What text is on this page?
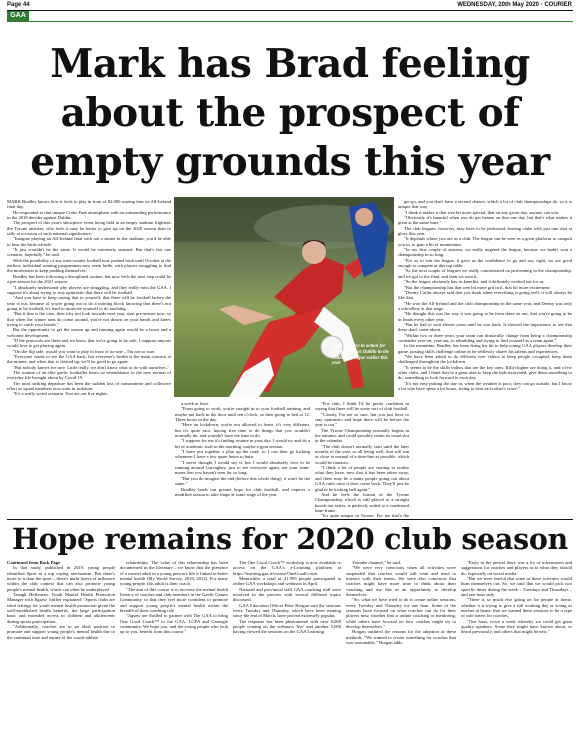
Page 44	WEDNESDAY, 20th May 2020 - COURIER
GAA
Mark has Brad feeling about the prospect of empty grounds this year

MARK Bradley knows how it feels to play in front of 82,000 roaring fans on All-Ireland final day.

He responded to that unique Croke Park atmosphere with an outstanding performance in the 2018 decider against Dublin.

The prospect of this year's showpiece event being held in an empty stadium frightens the Tyrone attacker, who feels it may be better to give up on the 2020 season than to rally at occasion of such national significance.

"Imagine playing an All-Ireland final with not a sinner in the stadium, you'd be able to hear the birds whistle.

"It just wouldn't be the same. It would be extremely unusual. But that's fair one scenario, hopefully," he said.

With the possibility of any inter-county football now pushed back until October at the earliest, individual training programmes now seem futile, with players struggling to find the motivation to keep pushing themselves.

Bradley has been following a disciplined routine, but now feels the next step could be a pre-season for the 2021 season.

"I absolutely understand why players are struggling, and they really miss the GAA. I suppose it's about trying to stay optimistic that there will be football.

"And you have to keep saying that to yourself, that there will be football before the year is out, because of you're going out to do a training block knowing that there's not going to be football, it's hard to motivate yourself to do anything.

"But if that is the case, then why not look towards next year, start pre-season now, so that when the winter runs do come around, you're not drawn on your hands and knees trying to catch your breath."

But the opportunity to get the season up and running again would be a boost and a welcome development.

"If the protocols are there and we know that we're going to be safe, I suppose anyone would love to get playing again.

"On the flip side, would you want to play in front of no-one – I'm not so sure.

"Everyone wants to see the GAA back, but everyone's health is the main concern at the minute, and when that is cleared up, we'll be good to go again.

"But nobody knows for sure. Little really, we don't know what to do with ourselves."

The routine of an elite gaelic footballer bears no resemblance to the new normal of everyday life brought about by Covid-19.

The most striking departure has been the sudden loss of camaraderie and collective effort as squad members now train in isolation.

"It's a really weird scenario. You are out five nights

a week at least.

"From going to work, you're straight in to your football training, and maybe not back in the door until ten o'clock, so then going to bed at 12. Three hours in the day.

"Here on lockdown, you're not allowed to leave, it's very different, but it's quite nice, having free time to do things that you wouldn't normally do, and wouldn't have the time to do.

"I suppose for me it's finding routine in your day. I would try and do a bit of academic stuff in the morning, maybe a gym session.

"I have put together a plan up the road, so I can then go kicking whenever I have a few spare hours to burn.

"I never thought I would say it, but I would absolutely love to be running around Garvaghey, just to see everyone again, see your team-mates that you haven't seen for so long.

"But you do imagine the end (before this whole thing), it won't be the same."

Bradley leads out greater hope for club football, and expects a modified season to take shape at some stage of the year.

"For club, I think I'd be pretty confident in saying that there will be some sort of club football.

"County, I'm not so sure, but you just have to stay optimistic and hope there will be before the year is out."

The Tyrone Championship normally begins in the autumn, and could possibly retain its usual slot in the calendar.

"The club doesn't normally start until the later months of the year, so all being well, that will run as close to normal of a time-line as possible, which would be fantastic.

"I think a lot of people are starting to realise what they have, now that it has been taken away, and there may be a many people going out about GAA rules once it does come back. They'll just be glad to be kicking ball again."

And he feels the format of the Tyrone Championship, which is still played as a straight knock-out series, is perfectly suited to a condensed time-frame.

"It's quite unique in Tyrone. For me that's the

get-go, and you don't have a second chance, which a lot of club championships do, so it is unique that way.

"I think it makes it that wee bit more special, that on any given day, anyone can win.

"Obviously it's harmful when you do get beaten on that one day, but that's what makes it great at the same time."

The club leagues, however, may have to be jettisoned, leaving clubs with just one shot at glory this year.

"It depends where you are as a club. The league can be seen as a great platform to catapult you in, to gain a bit of momentum.

"In my first couple of seasons, we really targeted the league, because we hadn't won a championship in so long.

"For us to win the league, it gave us the confidence to go and say, right, we are good enough to compete at this top table.

"So the next couple of leagues we really concentrated on performing in the championship, and we got to the final, and then we won it.

"So the league obviously has its benefits, and it definitely worked out for us.

"But the championship has that wee bit more grit in it, that bit more excitement.

"Dermy Carlin always said that you think when everything is going well, it will always be like that.

"He won the All-Ireland and the club championship in the same year, and Dermy was only a schoolboy at that stage.

"He thought this was the way it was going to be from there on out, that you're going to be in finals every other year.

"But he had to wait eleven years until he was back. It showed the importance to see that these don't come about.

"Within two or three years your team can drastically change from being a championship contender year-on, year-out, to rebuilding and trying to find yourself as a team again."

In the meantime, Bradley has been doing his bit to help young GAA players develop their game, posting skills challenge online as he selflessly shares his talents and experiences.

"We have been asked to do different wee videos to keep people occupied, keep them challenged throughout the lockdown.

"It seems to be the skills videos that are the key ones. Killyclogher are doing it, and a few other clubs, and I think they're a great idea to keep the kids motivated, give them something to do, something to look forward to each day.

"It's not easy putting the day in, when the weather is poor, they can go outside, but I know a lot who have spent a lot hours, trying to beat each other's score."

Mark Bradley in action for Tyrone against Dublin in the National League earlier this year
Hope remains for 2020 club season

Continued from Back Page

In that study, published in 2019, young people identified Sport as a top coping mechanism. But there's more to it than the sport – there's multi layers of influence within the club context that can also promote young people's mental health, which can often be underplayed.

Tanagh Heffernan, Youth Mental Health Promotion Manager with Jigsaw, further explained: "Sports clubs are ideal settings for youth mental health promotion given the well-established health benefits, the large participation base, and extended access to children and adolescents during sports participation.

"Additionally, coaches are in an ideal position to promote and support young people's mental health due to the continual time and nature of the coach-athlete

relationship. The value of this relationship has been documented in the literature – we know that the presence of a trusted adult in a young person's life is linked to better mental health (My World Survey, 2019, 2012). For many young people, this adult is their coach.

"The aim of this course is to increase the mental health literacy of coaches and club members in the Gaelic Games Community so that they feel more confident to promote and support young people's mental health within the breadth of their coaching role.

"Jigsaw are thrilled to partner with The GAA to bring One Good Coach™ to the GAA, LGFA and Camogie community. We hope you, and the young people who look up to you, benefit from this course."

The One Good Coach™ workshop is now available to access on the GAA's e-Learning platform at https://learning.gaa.ie/course/OneGoodCoach.

Meanwhile, a total of 21,995 people participated in online GAA workshops and webinars in April.

National and provincial staff GAA coaching staff were involved in the process with several different topics discussed.

GAA Education Officer Peter Horgan said the sessions every Tuesday and Thursday, which have been running since the end of March, have proved extremely popular.

The response has been phenomenal with over 6,000 people coming on the webinars 'live' and another 5,000 having viewed the sessions on the GAA Learning

Youtube channel," he said.

"We were very conscious when all activities were suspended that coaches would still want and need to interact with their teams. We were also conscious that coaches might have more time to think about their coaching and use this as an opportunity to develop themselves.

"So, what we have tried to do is create online sessions, every Tuesday and Thursday for one hour. Some of the sessions have focused on what coaches can do for their players now, whether that is online coaching or mentoring, while others have focused on how coaches might try to develop themselves."

Horgan outlined the reasons for the adoption of these methods. "We wanted to create something for coaches that was sustainable," Horgan adds.

"Early in the period there was a lot of information and suggestions for coaches and players as to what they should do, especially on social media.

"But we were fearful that some of these activities would burn themselves out. So, we said that we would pick two specific times during the week – Tuesdays and Thursdays – and one hour only.

"There is so much else going on for people at home, whether it is trying to give a full working day or acting as teacher at home, that we wanted these sessions to be a type of safe haven for coaches.

"One hour, twice a week whereby we could get great quality speakers. Some they might have known about, or heard previously, and others that might be new."
